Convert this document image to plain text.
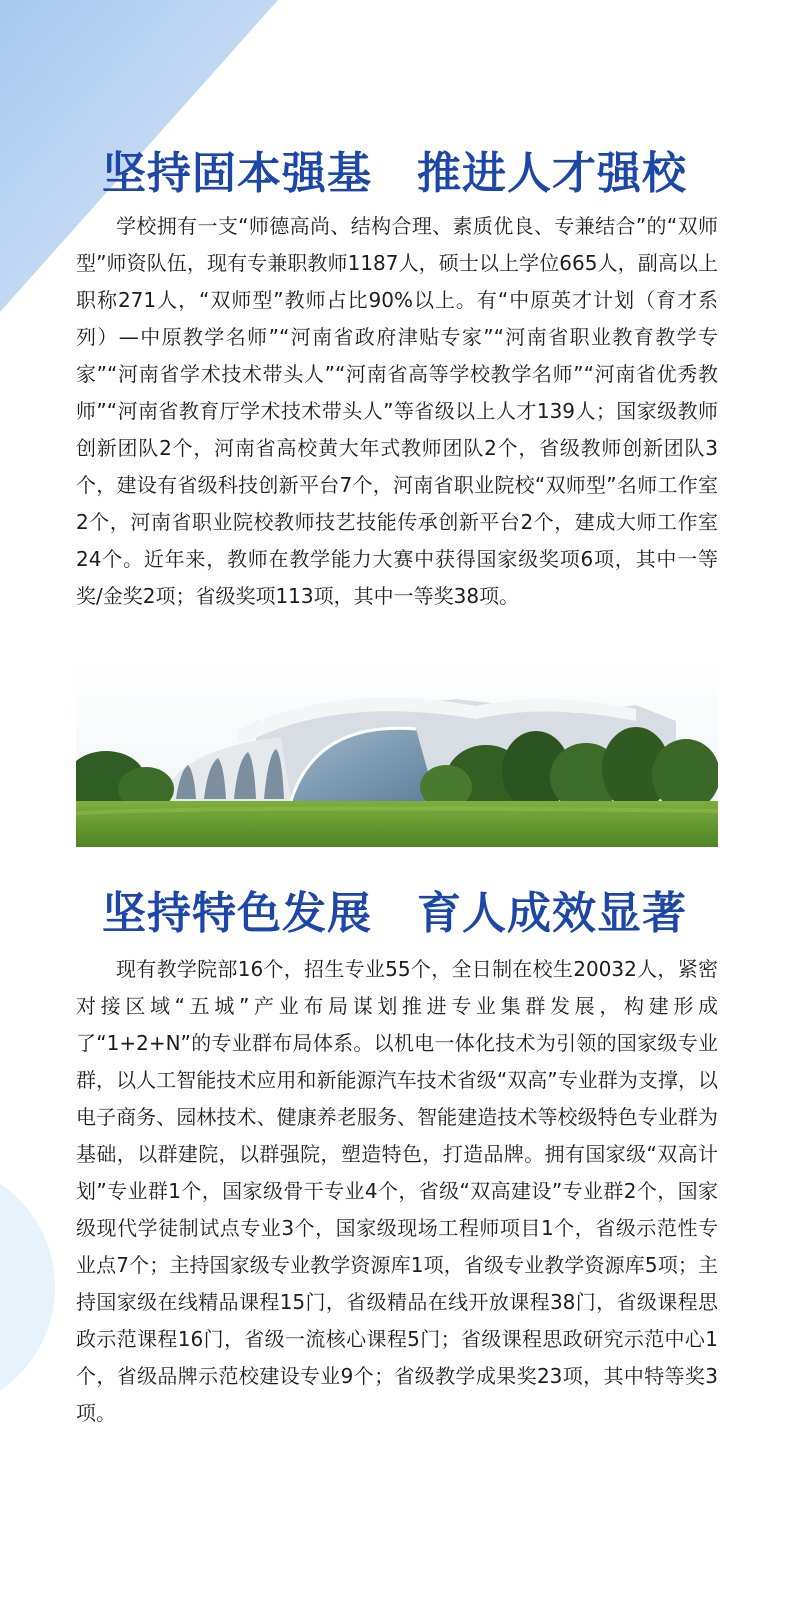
坚持固本强基　推进人才强校

学校拥有一支“师德高尚、结构合理、素质优良、专兼结合”的“双师型”师资队伍，现有专兼职教师1187人，硕士以上学位665人，副高以上职称271人，“双师型”教师占比90%以上。有“中原英才计划（育才系列）—中原教学名师”“河南省政府津贴专家”“河南省职业教育教学专家”“河南省学术技术带头人”“河南省高等学校教学名师”“河南省优秀教师”“河南省教育厅学术技术带头人”等省级以上人才139人；国家级教师创新团队2个，河南省高校黄大年式教师团队2个，省级教师创新团队3个，建设有省级科技创新平台7个，河南省职业院校“双师型”名师工作室2个，河南省职业院校教师技艺技能传承创新平台2个，建成大师工作室24个。近年来，教师在教学能力大赛中获得国家级奖项6项，其中一等奖/金奖2项；省级奖项113项，其中一等奖38项。

坚持特色发展　育人成效显著

现有教学院部16个，招生专业55个，全日制在校生20032人，紧密对接区域“五城”产业布局谋划推进专业集群发展，构建形成了“1+2+N”的专业群布局体系。以机电一体化技术为引领的国家级专业群，以人工智能技术应用和新能源汽车技术省级“双高”专业群为支撑，以电子商务、园林技术、健康养老服务、智能建造技术等校级特色专业群为基础，以群建院，以群强院，塑造特色，打造品牌。拥有国家级“双高计划”专业群1个，国家级骨干专业4个，省级“双高建设”专业群2个，国家级现代学徒制试点专业3个，国家级现场工程师项目1个，省级示范性专业点7个；主持国家级专业教学资源库1项，省级专业教学资源库5项；主持国家级在线精品课程15门，省级精品在线开放课程38门，省级课程思政示范课程16门，省级一流核心课程5门；省级课程思政研究示范中心1个，省级品牌示范校建设专业9个；省级教学成果奖23项，其中特等奖3项。
